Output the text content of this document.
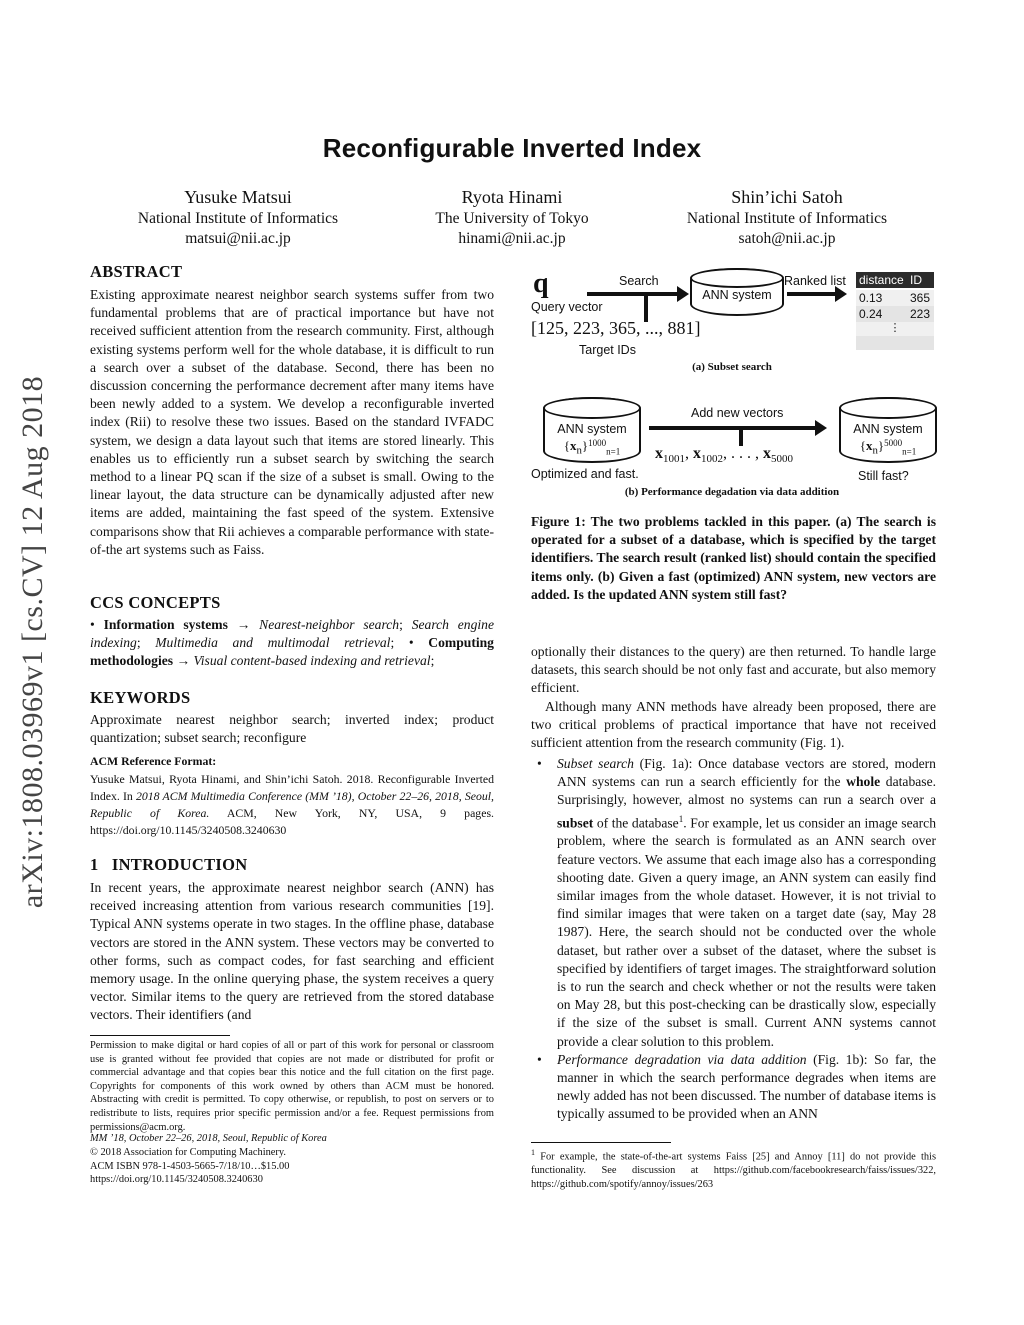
arXiv:1808.03969v1 [cs.CV] 12 Aug 2018
Reconfigurable Inverted Index
Yusuke Matsui
National Institute of Informatics
matsui@nii.ac.jp
Ryota Hinami
The University of Tokyo
hinami@nii.ac.jp
Shin’ichi Satoh
National Institute of Informatics
satoh@nii.ac.jp
ABSTRACT
Existing approximate nearest neighbor search systems suffer from two fundamental problems that are of practical importance but have not received sufficient attention from the research community. First, although existing systems perform well for the whole database, it is difficult to run a search over a subset of the database. Second, there has been no discussion concerning the performance decrement after many items have been newly added to a system. We develop a reconfigurable inverted index (Rii) to resolve these two issues. Based on the standard IVFADC system, we design a data layout such that items are stored linearly. This enables us to efficiently run a subset search by switching the search method to a linear PQ scan if the size of a subset is small. Owing to the linear layout, the data structure can be dynamically adjusted after new items are added, maintaining the fast speed of the system. Extensive comparisons show that Rii achieves a comparable performance with state-of-the art systems such as Faiss.
CCS CONCEPTS
• Information systems → Nearest-neighbor search; Search engine indexing; Multimedia and multimodal retrieval; • Computing methodologies → Visual content-based indexing and retrieval;
KEYWORDS
Approximate nearest neighbor search; inverted index; product quantization; subset search; reconfigure
ACM Reference Format:
Yusuke Matsui, Ryota Hinami, and Shin’ichi Satoh. 2018. Reconfigurable Inverted Index. In 2018 ACM Multimedia Conference (MM ’18), October 22–26, 2018, Seoul, Republic of Korea. ACM, New York, NY, USA, 9 pages. https://doi.org/10.1145/3240508.3240630
1 INTRODUCTION
In recent years, the approximate nearest neighbor search (ANN) has received increasing attention from various research communities [19]. Typical ANN systems operate in two stages. In the offline phase, database vectors are stored in the ANN system. These vectors may be converted to other forms, such as compact codes, for fast searching and efficient memory usage. In the online querying phase, the system receives a query vector. Similar items to the query are retrieved from the stored database vectors. Their identifiers (and
Permission to make digital or hard copies of all or part of this work for personal or classroom use is granted without fee provided that copies are not made or distributed for profit or commercial advantage and that copies bear this notice and the full citation on the first page. Copyrights for components of this work owned by others than ACM must be honored. Abstracting with credit is permitted. To copy otherwise, or republish, to post on servers or to redistribute to lists, requires prior specific permission and/or a fee. Request permissions from permissions@acm.org.
MM ’18, October 22–26, 2018, Seoul, Republic of Korea
© 2018 Association for Computing Machinery.
ACM ISBN 978-1-4503-5665-7/18/10…$15.00
https://doi.org/10.1145/3240508.3240630
q
Query vector
Search
[125, 223, 365, ..., 881]
Target IDs
ANN system
Ranked list distance ID
0.13 365
0.24 223
⋮
(a) Subset search
ANN system
$\{x_n\}^{1000}n=1$
Add new vectors
$x_{1001}$, $x_{1002}$, . . . , $x_{5000}$
ANN system
$\{x_n\}^{5000}n=1$
Optimized and fast.	Still fast?
(b) Performance degadation via data addition
Figure 1: The two problems tackled in this paper. (a) The search is operated for a subset of a database, which is specified by the target identifiers. The search result (ranked list) should contain the specified items only. (b) Given a fast (optimized) ANN system, new vectors are added. Is the updated ANN system still fast?
optionally their distances to the query) are then returned. To handle large datasets, this search should be not only fast and accurate, but also memory efficient.
Although many ANN methods have already been proposed, there are two critical problems of practical importance that have not received sufficient attention from the research community (Fig. 1).
• Subset search (Fig. 1a): Once database vectors are stored, modern ANN systems can run a search efficiently for the whole database. Surprisingly, however, almost no systems can run a search over a subset of the database$^1$. For example, let us consider an image search problem, where the search is formulated as an ANN search over feature vectors. We assume that each image also has a corresponding shooting date. Given a query image, an ANN system can easily find similar images from the whole dataset. However, it is not trivial to find similar images that were taken on a target date (say, May 28 1987). Here, the search should not be conducted over the whole dataset, but rather over a subset of the dataset, where the subset is specified by identifiers of target images. The straightforward solution is to run the search and check whether or not the results were taken on May 28, but this post-checking can be drastically slow, especially if the size of the subset is small. Current ANN systems cannot provide a clear solution to this problem.
• Performance degradation via data addition (Fig. 1b): So far, the manner in which the search performance degrades when items are newly added has not been discussed. The number of database items is typically assumed to be provided when an ANN
$^1$ For example, the state-of-the-art systems Faiss [25] and Annoy [11] do not provide this functionality. See discussion at https://github.com/facebookresearch/faiss/issues/322, https://github.com/spotify/annoy/issues/263
